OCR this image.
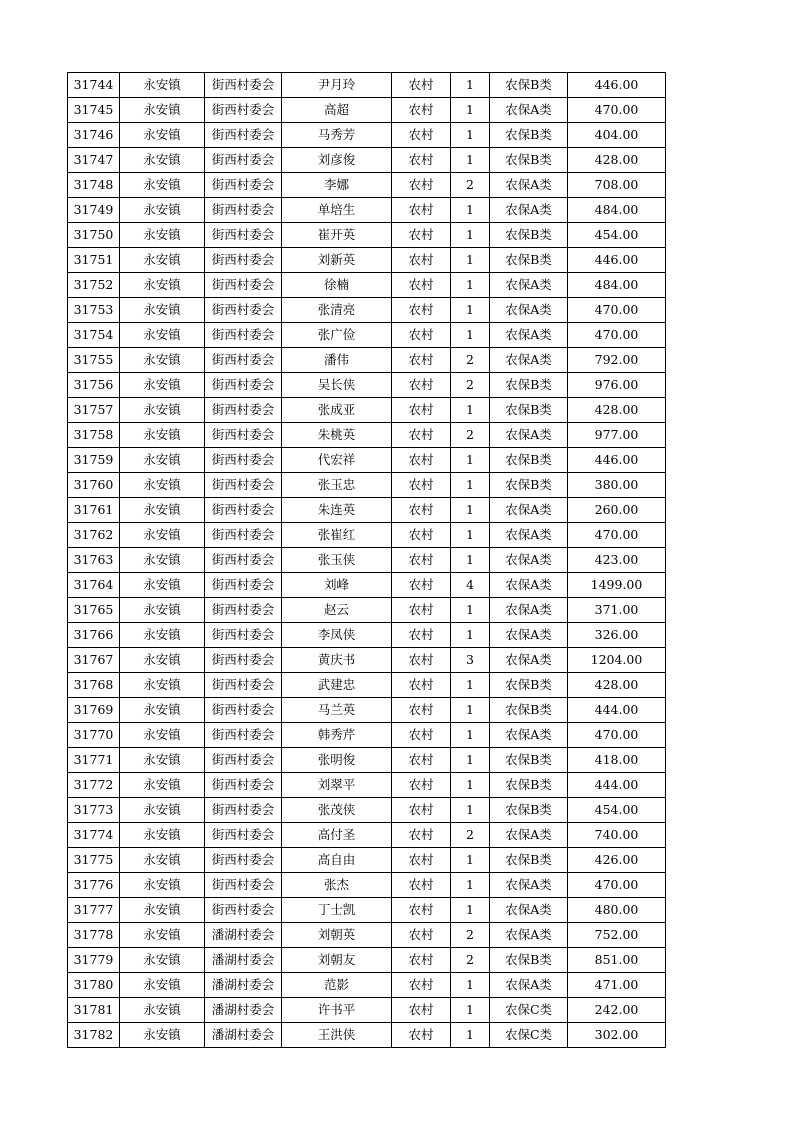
31744	永安镇	街西村委会	尹月玲	农村	1	农保B类	446.00
31745	永安镇	街西村委会	高超	农村	1	农保A类	470.00
31746	永安镇	街西村委会	马秀芳	农村	1	农保B类	404.00
31747	永安镇	街西村委会	刘彦俊	农村	1	农保B类	428.00
31748	永安镇	街西村委会	李娜	农村	2	农保A类	708.00
31749	永安镇	街西村委会	单培生	农村	1	农保A类	484.00
31750	永安镇	街西村委会	崔开英	农村	1	农保B类	454.00
31751	永安镇	街西村委会	刘新英	农村	1	农保B类	446.00
31752	永安镇	街西村委会	徐楠	农村	1	农保A类	484.00
31753	永安镇	街西村委会	张清亮	农村	1	农保A类	470.00
31754	永安镇	街西村委会	张广俭	农村	1	农保A类	470.00
31755	永安镇	街西村委会	潘伟	农村	2	农保A类	792.00
31756	永安镇	街西村委会	吴长侠	农村	2	农保B类	976.00
31757	永安镇	街西村委会	张成亚	农村	1	农保B类	428.00
31758	永安镇	街西村委会	朱桃英	农村	2	农保A类	977.00
31759	永安镇	街西村委会	代宏祥	农村	1	农保B类	446.00
31760	永安镇	街西村委会	张玉忠	农村	1	农保B类	380.00
31761	永安镇	街西村委会	朱连英	农村	1	农保A类	260.00
31762	永安镇	街西村委会	张崔红	农村	1	农保A类	470.00
31763	永安镇	街西村委会	张玉侠	农村	1	农保A类	423.00
31764	永安镇	街西村委会	刘峰	农村	4	农保A类	1499.00
31765	永安镇	街西村委会	赵云	农村	1	农保A类	371.00
31766	永安镇	街西村委会	李凤侠	农村	1	农保A类	326.00
31767	永安镇	街西村委会	黄庆书	农村	3	农保A类	1204.00
31768	永安镇	街西村委会	武建忠	农村	1	农保B类	428.00
31769	永安镇	街西村委会	马兰英	农村	1	农保B类	444.00
31770	永安镇	街西村委会	韩秀芹	农村	1	农保A类	470.00
31771	永安镇	街西村委会	张明俊	农村	1	农保B类	418.00
31772	永安镇	街西村委会	刘翠平	农村	1	农保B类	444.00
31773	永安镇	街西村委会	张茂侠	农村	1	农保B类	454.00
31774	永安镇	街西村委会	高付圣	农村	2	农保A类	740.00
31775	永安镇	街西村委会	高自由	农村	1	农保B类	426.00
31776	永安镇	街西村委会	张杰	农村	1	农保A类	470.00
31777	永安镇	街西村委会	丁士凯	农村	1	农保A类	480.00
31778	永安镇	潘湖村委会	刘朝英	农村	2	农保A类	752.00
31779	永安镇	潘湖村委会	刘朝友	农村	2	农保B类	851.00
31780	永安镇	潘湖村委会	范影	农村	1	农保A类	471.00
31781	永安镇	潘湖村委会	许书平	农村	1	农保C类	242.00
31782	永安镇	潘湖村委会	王洪侠	农村	1	农保C类	302.00
